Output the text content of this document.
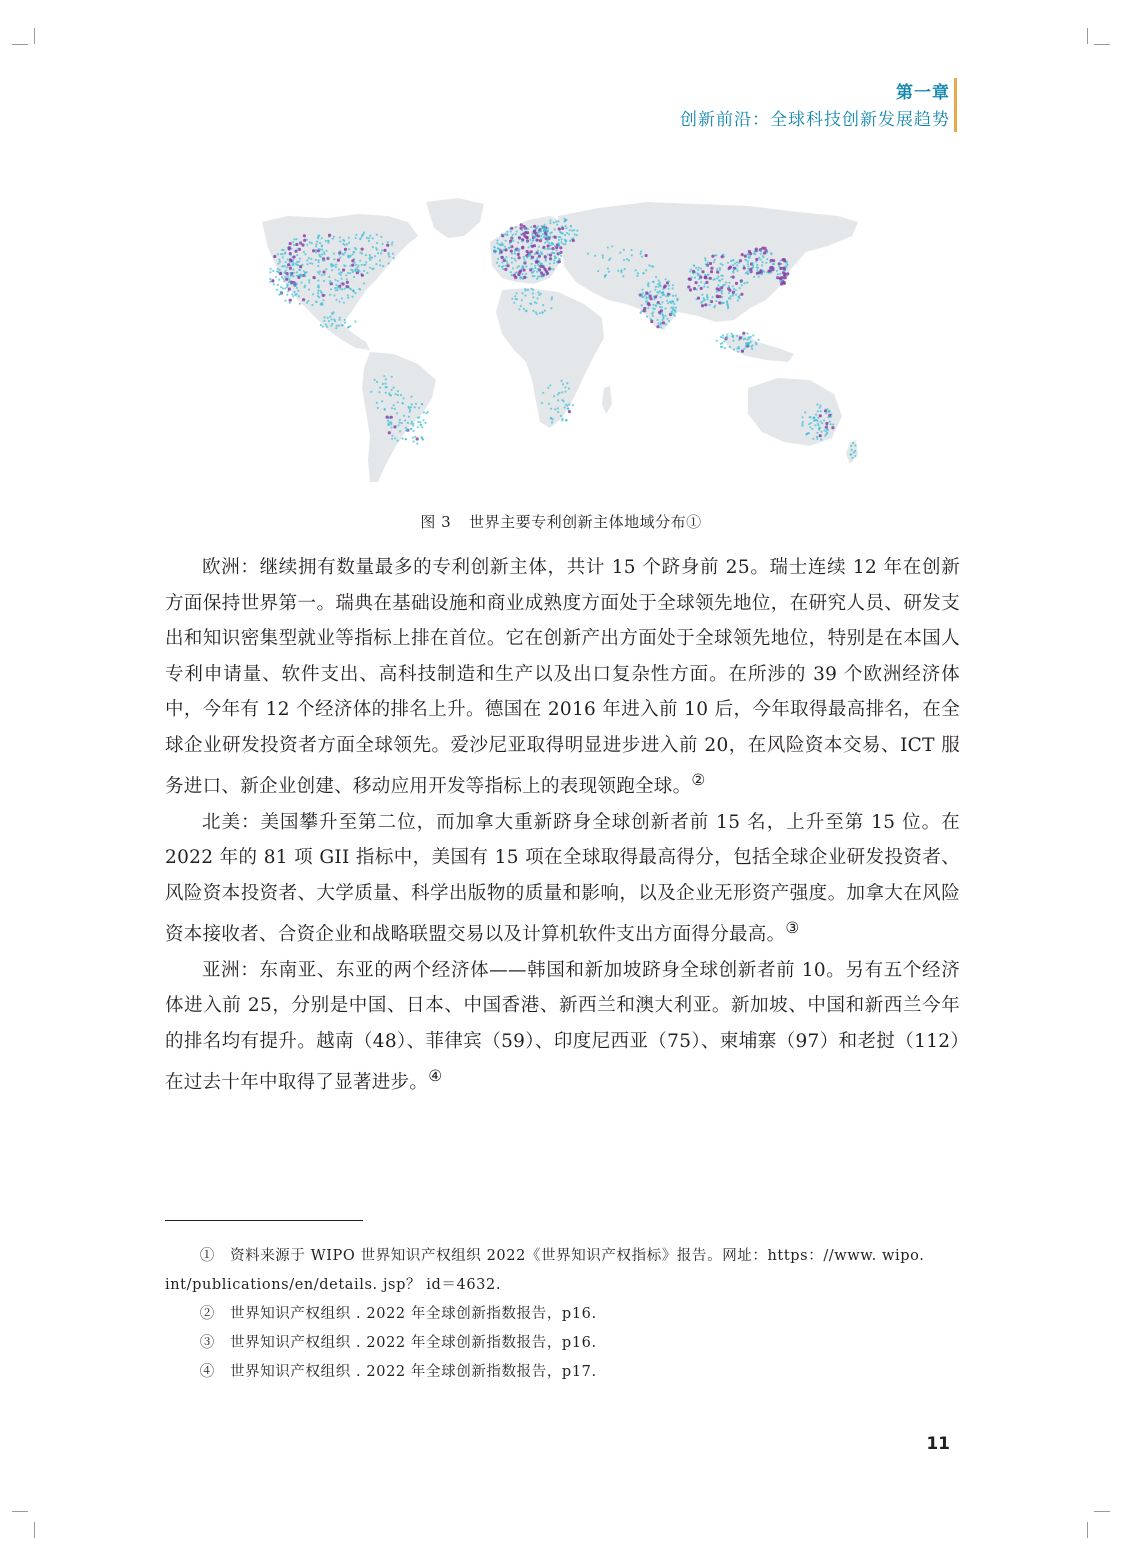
第一章
创新前沿：全球科技创新发展趋势
图 3 世界主要专利创新主体地域分布①

欧洲：继续拥有数量最多的专利创新主体，共计 15 个跻身前 25。瑞士连续 12 年在创新方面保持世界第一。瑞典在基础设施和商业成熟度方面处于全球领先地位，在研究人员、研发支出和知识密集型就业等指标上排在首位。它在创新产出方面处于全球领先地位，特别是在本国人专利申请量、软件支出、高科技制造和生产以及出口复杂性方面。在所涉的 39 个欧洲经济体中，今年有 12 个经济体的排名上升。德国在 2016 年进入前 10 后，今年取得最高排名，在全球企业研发投资者方面全球领先。爱沙尼亚取得明显进步进入前 20，在风险资本交易、ICT 服务进口、新企业创建、移动应用开发等指标上的表现领跑全球。②

北美：美国攀升至第二位，而加拿大重新跻身全球创新者前 15 名，上升至第 15 位。在 2022 年的 81 项 GII 指标中，美国有 15 项在全球取得最高得分，包括全球企业研发投资者、风险资本投资者、大学质量、科学出版物的质量和影响，以及企业无形资产强度。加拿大在风险资本接收者、合资企业和战略联盟交易以及计算机软件支出方面得分最高。③

亚洲：东南亚、东亚的两个经济体——韩国和新加坡跻身全球创新者前 10。另有五个经济体进入前 25，分别是中国、日本、中国香港、新西兰和澳大利亚。新加坡、中国和新西兰今年的排名均有提升。越南（48）、菲律宾（59）、印度尼西亚（75）、柬埔寨（97）和老挝（112）在过去十年中取得了显著进步。④

①　资料来源于 WIPO 世界知识产权组织 2022《世界知识产权指标》报告。网址：https：//www. wipo. int/publications/en/details. jsp？ id＝4632.

②　世界知识产权组织 . 2022 年全球创新指数报告，p16.

③　世界知识产权组织 . 2022 年全球创新指数报告，p16.

④　世界知识产权组织 . 2022 年全球创新指数报告，p17.

11
